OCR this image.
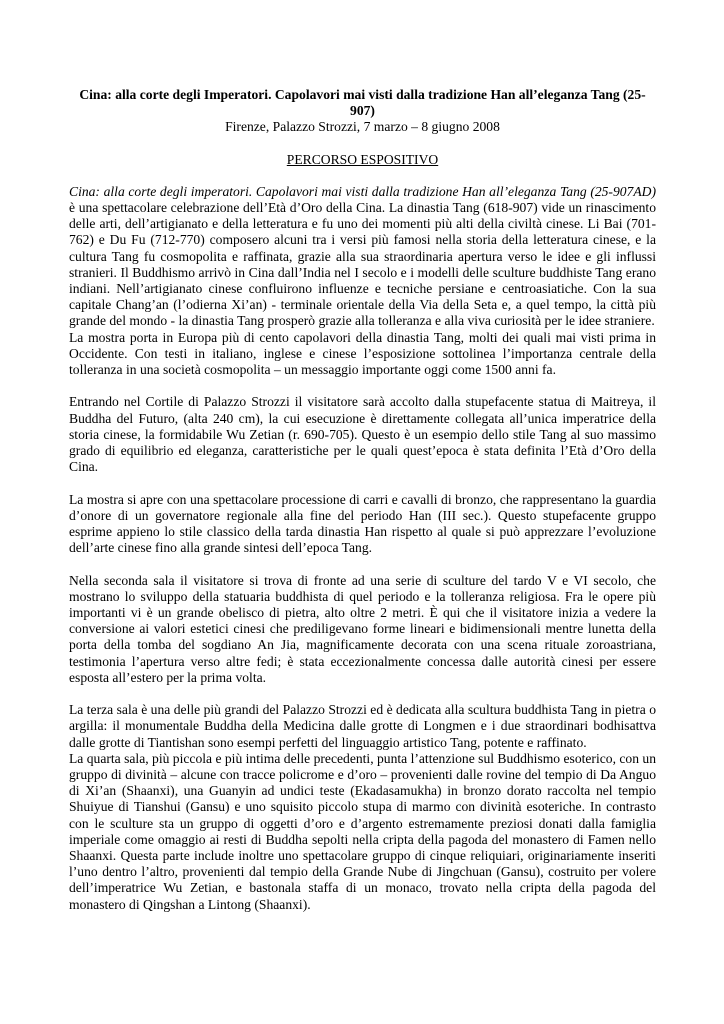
Cina: alla corte degli Imperatori. Capolavori mai visti dalla tradizione Han all’eleganza Tang (25-907)

Firenze, Palazzo Strozzi, 7 marzo – 8 giugno 2008

PERCORSO ESPOSITIVO

Cina: alla corte degli imperatori. Capolavori mai visti dalla tradizione Han all’eleganza Tang (25-907AD) è una spettacolare celebrazione dell’Età d’Oro della Cina. La dinastia Tang (618-907) vide un rinascimento delle arti, dell’artigianato e della letteratura e fu uno dei momenti più alti della civiltà cinese. Li Bai (701-762) e Du Fu (712-770) composero alcuni tra i versi più famosi nella storia della letteratura cinese, e la cultura Tang fu cosmopolita e raffinata, grazie alla sua straordinaria apertura verso le idee e gli influssi stranieri. Il Buddhismo arrivò in Cina dall’India nel I secolo e i modelli delle sculture buddhiste Tang erano indiani. Nell’artigianato cinese confluirono influenze e tecniche persiane e centroasiatiche. Con la sua capitale Chang’an (l’odierna Xi’an) - terminale orientale della Via della Seta e, a quel tempo, la città più grande del mondo - la dinastia Tang prosperò grazie alla tolleranza e alla viva curiosità per le idee straniere.

La mostra porta in Europa più di cento capolavori della dinastia Tang, molti dei quali mai visti prima in Occidente. Con testi in italiano, inglese e cinese l’esposizione sottolinea l’importanza centrale della tolleranza in una società cosmopolita – un messaggio importante oggi come 1500 anni fa.

Entrando nel Cortile di Palazzo Strozzi il visitatore sarà accolto dalla stupefacente statua di Maitreya, il Buddha del Futuro, (alta 240 cm), la cui esecuzione è direttamente collegata all’unica imperatrice della storia cinese, la formidabile Wu Zetian (r. 690-705). Questo è un esempio dello stile Tang al suo massimo grado di equilibrio ed eleganza, caratteristiche per le quali quest’epoca è stata definita l’Età d’Oro della Cina.

La mostra si apre con una spettacolare processione di carri e cavalli di bronzo, che rappresentano la guardia d’onore di un governatore regionale alla fine del periodo Han (III sec.). Questo stupefacente gruppo esprime appieno lo stile classico della tarda dinastia Han rispetto al quale si può apprezzare l’evoluzione dell’arte cinese fino alla grande sintesi dell’epoca Tang.

Nella seconda sala il visitatore si trova di fronte ad una serie di sculture del tardo V e VI secolo, che mostrano lo sviluppo della statuaria buddhista di quel periodo e la tolleranza religiosa. Fra le opere più importanti vi è un grande obelisco di pietra, alto oltre 2 metri. È qui che il visitatore inizia a vedere la conversione ai valori estetici cinesi che prediligevano forme lineari e bidimensionali mentre lunetta della porta della tomba del sogdiano An Jia, magnificamente decorata con una scena rituale zoroastriana, testimonia l’apertura verso altre fedi; è stata eccezionalmente concessa dalle autorità cinesi per essere esposta all’estero per la prima volta.

La terza sala è una delle più grandi del Palazzo Strozzi ed è dedicata alla scultura buddhista Tang in pietra o argilla: il monumentale Buddha della Medicina dalle grotte di Longmen e i due straordinari bodhisattva dalle grotte di Tiantishan sono esempi perfetti del linguaggio artistico Tang, potente e raffinato.

La quarta sala, più piccola e più intima delle precedenti, punta l’attenzione sul Buddhismo esoterico, con un gruppo di divinità – alcune con tracce policrome e d’oro – provenienti dalle rovine del tempio di Da Anguo di Xi’an (Shaanxi), una Guanyin ad undici teste (Ekadasamukha) in bronzo dorato raccolta nel tempio Shuiyue di Tianshui (Gansu) e uno squisito piccolo stupa di marmo con divinità esoteriche. In contrasto con le sculture sta un gruppo di oggetti d’oro e d’argento estremamente preziosi donati dalla famiglia imperiale come omaggio ai resti di Buddha sepolti nella cripta della pagoda del monastero di Famen nello Shaanxi. Questa parte include inoltre uno spettacolare gruppo di cinque reliquiari, originariamente inseriti l’uno dentro l’altro, provenienti dal tempio della Grande Nube di Jingchuan (Gansu), costruito per volere dell’imperatrice Wu Zetian, e bastonala staffa di un monaco, trovato nella cripta della pagoda del monastero di Qingshan a Lintong (Shaanxi).
